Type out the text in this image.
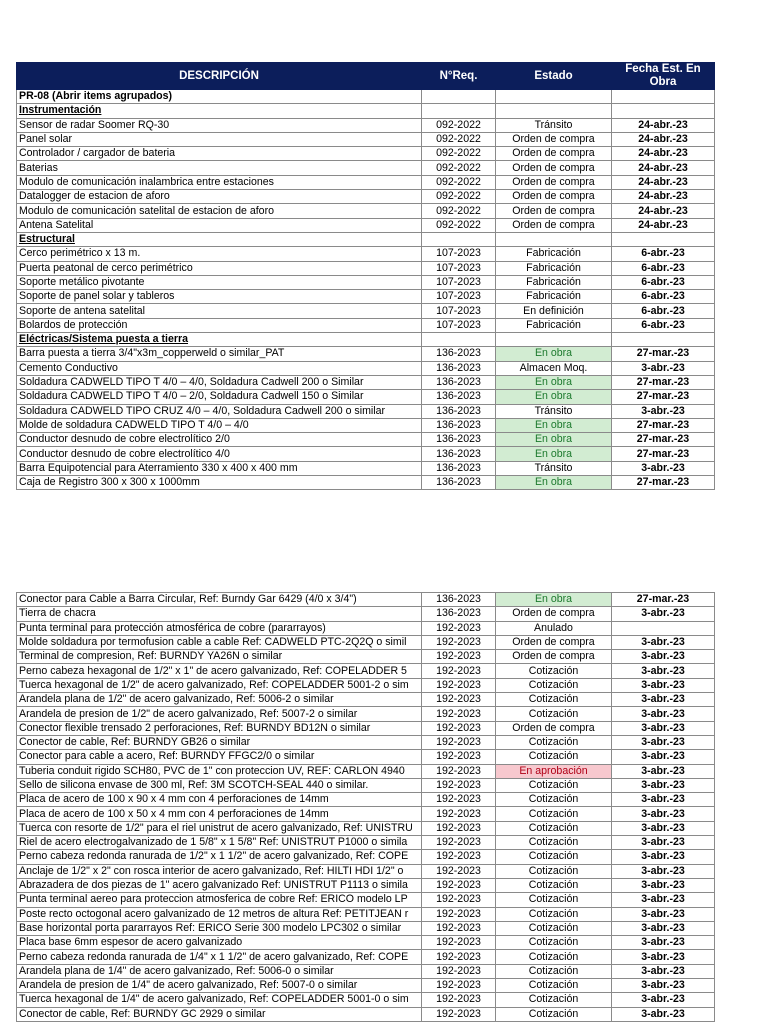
DESCRIPCIÓN	N°Req.	Estado	Fecha Est. En Obra
PR-08 (Abrir items agrupados)			
Instrumentación			
Sensor de radar Soomer RQ-30	092-2022	Tránsito	24-abr.-23
Panel solar	092-2022	Orden de compra	24-abr.-23
Controlador / cargador de bateria	092-2022	Orden de compra	24-abr.-23
Baterias	092-2022	Orden de compra	24-abr.-23
Modulo de comunicación inalambrica entre estaciones	092-2022	Orden de compra	24-abr.-23
Datalogger de estacion de aforo	092-2022	Orden de compra	24-abr.-23
Modulo de comunicación satelital de estacion de aforo	092-2022	Orden de compra	24-abr.-23
Antena Satelital	092-2022	Orden de compra	24-abr.-23
Estructural			
Cerco perimétrico x 13 m.	107-2023	Fabricación	6-abr.-23
Puerta peatonal de cerco perimétrico	107-2023	Fabricación	6-abr.-23
Soporte metálico pivotante	107-2023	Fabricación	6-abr.-23
Soporte de panel solar y tableros	107-2023	Fabricación	6-abr.-23
Soporte de antena satelital	107-2023	En definición	6-abr.-23
Bolardos de protección	107-2023	Fabricación	6-abr.-23
Eléctricas/Sistema puesta a tierra			
Barra puesta a tierra 3/4"x3m_copperweld o similar_PAT	136-2023	En obra	27-mar.-23
Cemento Conductivo	136-2023	Almacen Moq.	3-abr.-23
Soldadura CADWELD TIPO T 4/0 – 4/0, Soldadura Cadwell 200 o Similar	136-2023	En obra	27-mar.-23
Soldadura CADWELD TIPO T 4/0 – 2/0, Soldadura Cadwell 150 o Similar	136-2023	En obra	27-mar.-23
Soldadura CADWELD TIPO CRUZ 4/0 – 4/0, Soldadura Cadwell 200 o similar	136-2023	Tránsito	3-abr.-23
Molde de soldadura CADWELD TIPO T 4/0 – 4/0	136-2023	En obra	27-mar.-23
Conductor desnudo de cobre electrolítico 2/0	136-2023	En obra	27-mar.-23
Conductor desnudo de cobre electrolítico 4/0	136-2023	En obra	27-mar.-23
Barra Equipotencial para Aterramiento 330 x 400 x 400 mm	136-2023	Tránsito	3-abr.-23
Caja de Registro 300 x 300 x 1000mm	136-2023	En obra	27-mar.-23
Conector para Cable a Barra Circular, Ref: Burndy Gar 6429 (4/0 x 3/4")	136-2023	En obra	27-mar.-23
Tierra de chacra	136-2023	Orden de compra	3-abr.-23
Punta terminal para protección atmosférica de cobre (pararrayos)	192-2023	Anulado	
Molde soldadura por termofusion cable a cable Ref: CADWELD PTC-2Q2Q o simil	192-2023	Orden de compra	3-abr.-23
Terminal de compresion, Ref: BURNDY YA26N o similar	192-2023	Orden de compra	3-abr.-23
Perno cabeza hexagonal de 1/2" x 1" de acero galvanizado, Ref: COPELADDER 5	192-2023	Cotización	3-abr.-23
Tuerca hexagonal de 1/2" de acero galvanizado, Ref: COPELADDER 5001-2 o sim	192-2023	Cotización	3-abr.-23
Arandela plana de 1/2" de acero galvanizado, Ref: 5006-2 o similar	192-2023	Cotización	3-abr.-23
Arandela de presion de 1/2" de acero galvanizado, Ref: 5007-2 o similar	192-2023	Cotización	3-abr.-23
Conector flexible trensado 2 perforaciones, Ref: BURNDY BD12N o similar	192-2023	Orden de compra	3-abr.-23
Conector de cable, Ref: BURNDY GB26 o similar	192-2023	Cotización	3-abr.-23
Conector para cable a acero, Ref: BURNDY FFGC2/0 o similar	192-2023	Cotización	3-abr.-23
Tuberia conduit rigido SCH80, PVC de 1" con proteccion UV, REF: CARLON 4940	192-2023	En aprobación	3-abr.-23
Sello de silicona envase de 300 ml, Ref: 3M SCOTCH-SEAL 440 o similar.	192-2023	Cotización	3-abr.-23
Placa de acero de 100 x 90 x 4 mm con 4 perforaciones de 14mm	192-2023	Cotización	3-abr.-23
Placa de acero de 100 x 50 x 4 mm con 4 perforaciones de 14mm	192-2023	Cotización	3-abr.-23
Tuerca con resorte de 1/2" para el riel unistrut de acero galvanizado, Ref: UNISTRU	192-2023	Cotización	3-abr.-23
Riel de acero electrogalvanizado de 1 5/8" x 1 5/8" Ref: UNISTRUT P1000 o simila	192-2023	Cotización	3-abr.-23
Perno cabeza redonda ranurada de 1/2" x 1 1/2" de acero galvanizado, Ref: COPE	192-2023	Cotización	3-abr.-23
Anclaje de 1/2" x 2" con rosca interior de acero galvanizado, Ref: HILTI HDI 1/2" o	192-2023	Cotización	3-abr.-23
Abrazadera de dos piezas de 1" acero galvanizado Ref: UNISTRUT P1113 o simila	192-2023	Cotización	3-abr.-23
Punta terminal aereo para proteccion atmosferica de cobre Ref: ERICO modelo LP	192-2023	Cotización	3-abr.-23
Poste recto octogonal acero galvanizado de 12 metros de altura Ref: PETITJEAN r	192-2023	Cotización	3-abr.-23
Base horizontal porta pararrayos Ref: ERICO Serie 300 modelo LPC302 o similar	192-2023	Cotización	3-abr.-23
Placa base 6mm espesor de acero galvanizado	192-2023	Cotización	3-abr.-23
Perno cabeza redonda ranurada de 1/4" x 1 1/2" de acero galvanizado, Ref: COPE	192-2023	Cotización	3-abr.-23
Arandela plana de 1/4" de acero galvanizado, Ref: 5006-0 o similar	192-2023	Cotización	3-abr.-23
Arandela de presion de 1/4" de acero galvanizado, Ref: 5007-0 o similar	192-2023	Cotización	3-abr.-23
Tuerca hexagonal de 1/4" de acero galvanizado, Ref: COPELADDER 5001-0 o sim	192-2023	Cotización	3-abr.-23
Conector de cable, Ref: BURNDY GC 2929 o similar	192-2023	Cotización	3-abr.-23
